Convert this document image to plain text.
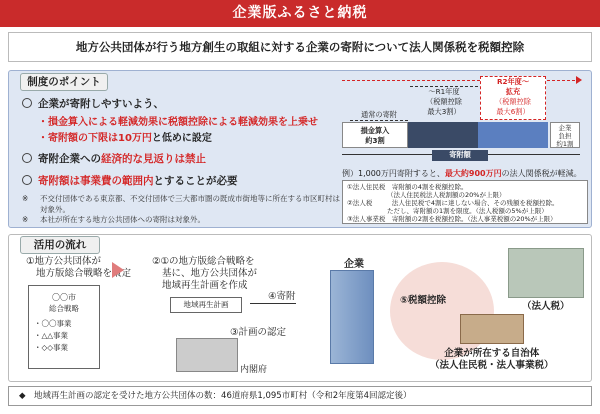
企業版ふるさと納税
地方公共団体が行う地方創生の取組に対する企業の寄附について法人関係税を税額控除
制度のポイント
企業が寄附しやすいよう、
・損金算入による軽減効果に税額控除による軽減効果を上乗せ
・寄附額の下限は10万円と低めに設定
寄附企業への経済的な見返りは禁止
寄附額は事業費の範囲内とすることが必要
※ 不交付団体である東京都、不交付団体で三大都市圏の既成市街地等に所在する市区町村は対象外。
※ 本社が所在する地方公共団体への寄附は対象外。
R2年度～
拡充
（税額控除
最大6割）
～R1年度
（税額控除
最大3割）
通常の寄附
損金算入
約3割
企業
負担
約1割
寄附額
例）1,000万円寄附すると、最大約900万円の法人関係税が軽減。
①法人住民税　寄附額の4割を税額控除。
（法人住民税法人税割額の20%が上限）
②法人税　　　法人住民税で4割に達しない場合、その残額を税額控除。
ただし、寄附額の1割を限度。（法人税額の5%が上限）
③法人事業税　寄附額の2割を税額控除。（法人事業税額の20%が上限）
活用の流れ
①地方公共団体が
地方版総合戦略を策定
〇〇市
総合戦略
・〇〇事業
・△△事業
・◇◇事業
②①の地方版総合戦略を
基に、地方公共団体が
地域再生計画を作成
地域再生計画
③計画の認定
内閣府
④寄附
企業
⑤税額控除
（法人税）
企業が所在する自治体
（法人住民税・法人事業税）
◆　地域再生計画の認定を受けた地方公共団体の数：46道府県1,095市町村（令和2年度第4回認定後）
